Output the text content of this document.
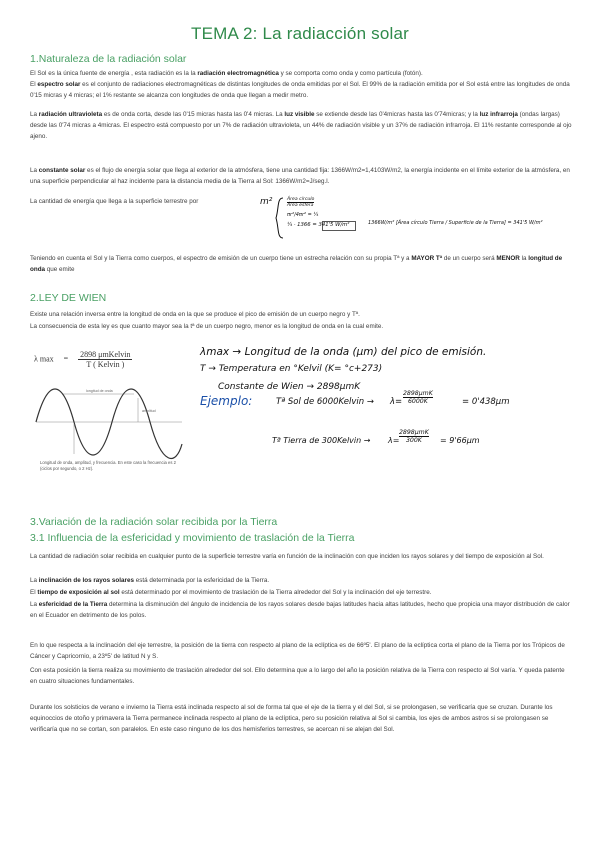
TEMA 2: La radiacción solar
1.Naturaleza de la radiación solar
El Sol es la única fuente de energía , esta radiación es la la radiación electromagnética y se comporta como onda y como partícula (fotón).
El espectro solar es el conjunto de radiaciones electromagnéticas de distintas longitudes de onda emitidas por el Sol. El 99% de la radiación emitida por el Sol está entre las longitudes de onda 0'15 micras y 4 micras; el 1% restante se alcanza con longitudes de onda que llegan a medir metro.
La radiación ultravioleta es de onda corta, desde las 0'15 micras hasta las 0'4 micras. La luz visible se extiende desde las 0'4micras hasta las 0'74micras; y la luz infrarroja (ondas largas) desde las 0'74 micras a 4micras. El espectro está compuesto por un 7% de radiación ultravioleta, un 44% de radiación visible y un 37% de radiación infrarroja. El 11% restante corresponde al ojo ajeno.
La constante solar es el flujo de energía solar que llega al exterior de la atmósfera, tiene una cantidad fija: 1366W/m2=1,4103W/m2, la energía incidente en el límite exterior de la atmósfera, en una superficie perpendicular al haz incidente para la distancia media de la Tierra al Sol: 1366W/m2=J/seg.l.
La cantidad de energía que llega a la superficie terrestre por	m²	Área círculo
Área esfera
πr²/4πr² = ¼
¼ · 1366 = 341'5 W/m²	1366W/m² [Área círculo Tierra / Superficie de la Tierra] = 341'5 W/m²
Teniendo en cuenta el Sol y la Tierra como cuerpos, el espectro de emisión de un cuerpo tiene un estrecha relación con su propia Tª y a MAYOR Tª de un cuerpo será MENOR la longitud de onda que emite
2.LEY DE WIEN
Existe una relación inversa entre la longitud de onda en la que se produce el pico de emisión de un cuerpo negro y Tª.
La consecuencia de esta ley es que cuanto mayor sea la tª de un cuerpo negro, menor es la longitud de onda en la cual emite.
λ max = 2898 μmKelvin
T ( Kelvin )
longitud de onda
amplitud
Longitud de onda, amplitud, y frecuencia. En este caso la frecuencia es 2 (ciclos por segundo, o 2 Hz).
λmax → Longitud de la onda (μm) del pico de emisión.
T → Temperatura en °Kelvil (K= °c+273)
Constante de Wien → 2898μmK
Ejemplo:	Tª Sol de 6000Kelvin → λ=
2898μmK
6000K	= 0'438μm
Tª Tierra de 300Kelvin → λ=
2898μmK
300K	= 9'66μm
3.Variación de la radiación solar recibida por la Tierra
3.1 Influencia de la esfericidad y movimiento de traslación de la Tierra
La cantidad de radiación solar recibida en cualquier punto de la superficie terrestre varía en función de la inclinación con que inciden los rayos solares y del tiempo de exposición al Sol.
La inclinación de los rayos solares está determinada por la esfericidad de la Tierra.
El tiempo de exposición al sol está determinado por el movimiento de traslación de la Tierra alrededor del Sol y la inclinación del eje terrestre.
La esfericidad de la Tierra determina la disminución del ángulo de incidencia de los rayos solares desde bajas latitudes hacia altas latitudes, hecho que propicia una mayor distribución de calor en el Ecuador en detrimento de los polos.
En lo que respecta a la inclinación del eje terrestre, la posición de la tierra con respecto al plano de la eclíptica es de 66º5'. El plano de la eclíptica corta el plano de la Tierra por los Trópicos de Cáncer y Capricornio, a 23º5' de latitud N y S.
Con esta posición la tierra realiza su movimiento de traslación alrededor del sol. Ello determina que a lo largo del año la posición relativa de la Tierra con respecto al Sol varía. Y queda patente en cuatro situaciones fundamentales.
Durante los solsticios de verano e invierno la Tierra está inclinada respecto al sol de forma tal que el eje de la tierra y el del Sol, si se prolongasen, se verificaría que se cruzan. Durante los equinoccios de otoño y primavera la Tierra permanece inclinada respecto al plano de la eclíptica, pero su posición relativa al Sol si cambia, los ejes de ambos astros si se prolongasen se verificaría que no se cortan, son paralelos. En este caso ninguno de los dos hemisferios terrestres, se acercan ni se alejan del Sol.
